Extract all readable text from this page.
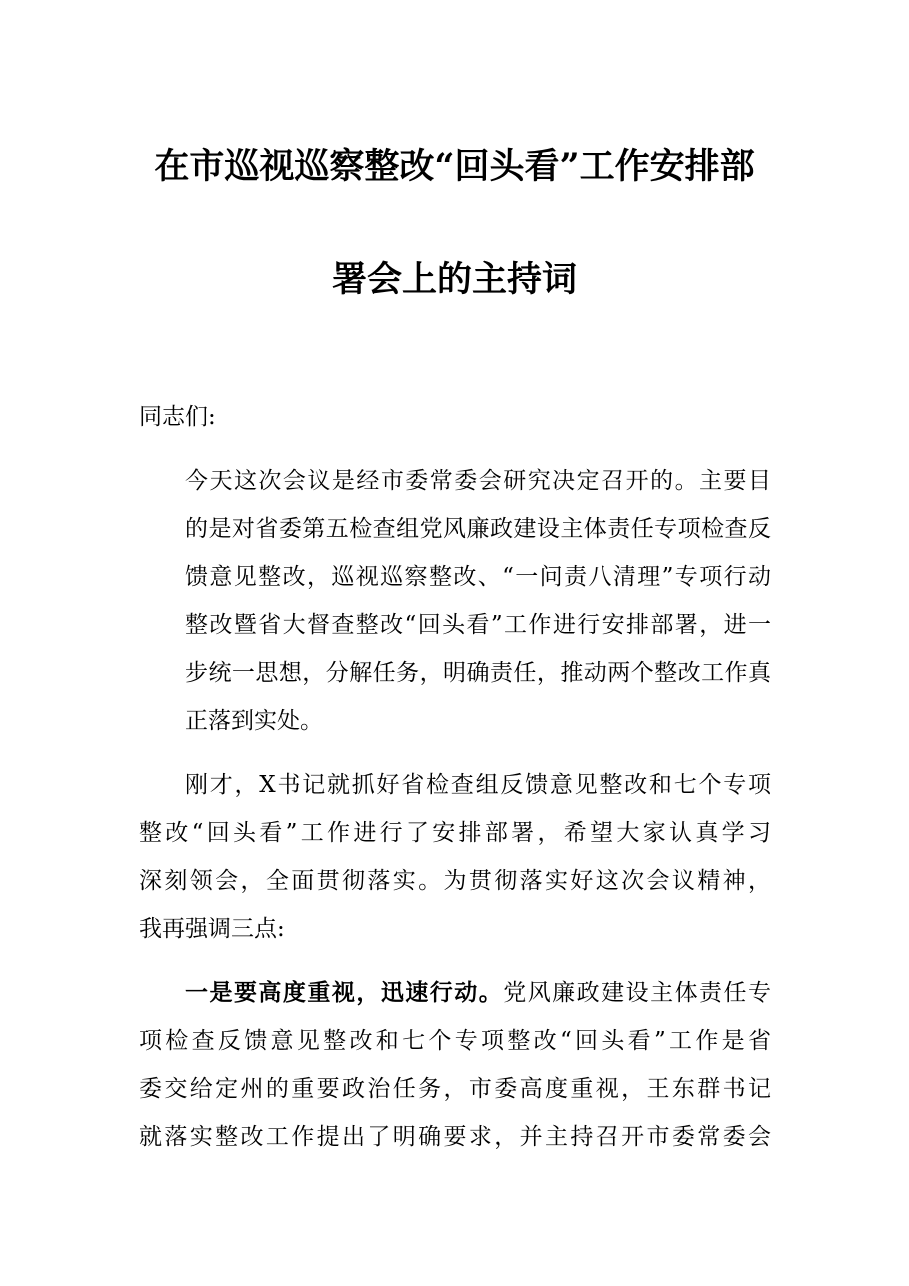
在市巡视巡察整改“回头看”工作安排部
署会上的主持词

同志们:

今天这次会议是经市委常委会研究决定召开的。主要目
的是对省委第五检查组党风廉政建设主体责任专项检查反
馈意见整改，巡视巡察整改、“一问责八清理”专项行动
整改暨省大督查整改“回头看”工作进行安排部署，进一
步统一思想，分解任务，明确责任，推动两个整改工作真
正落到实处。

刚才，X书记就抓好省检查组反馈意见整改和七个专项
整改“回头看”工作进行了安排部署，希望大家认真学习
深刻领会，全面贯彻落实。为贯彻落实好这次会议精神，
我再强调三点:

一是要高度重视，迅速行动。党风廉政建设主体责任专
项检查反馈意见整改和七个专项整改“回头看”工作是省
委交给定州的重要政治任务，市委高度重视，王东群书记
就落实整改工作提出了明确要求，并主持召开市委常委会
